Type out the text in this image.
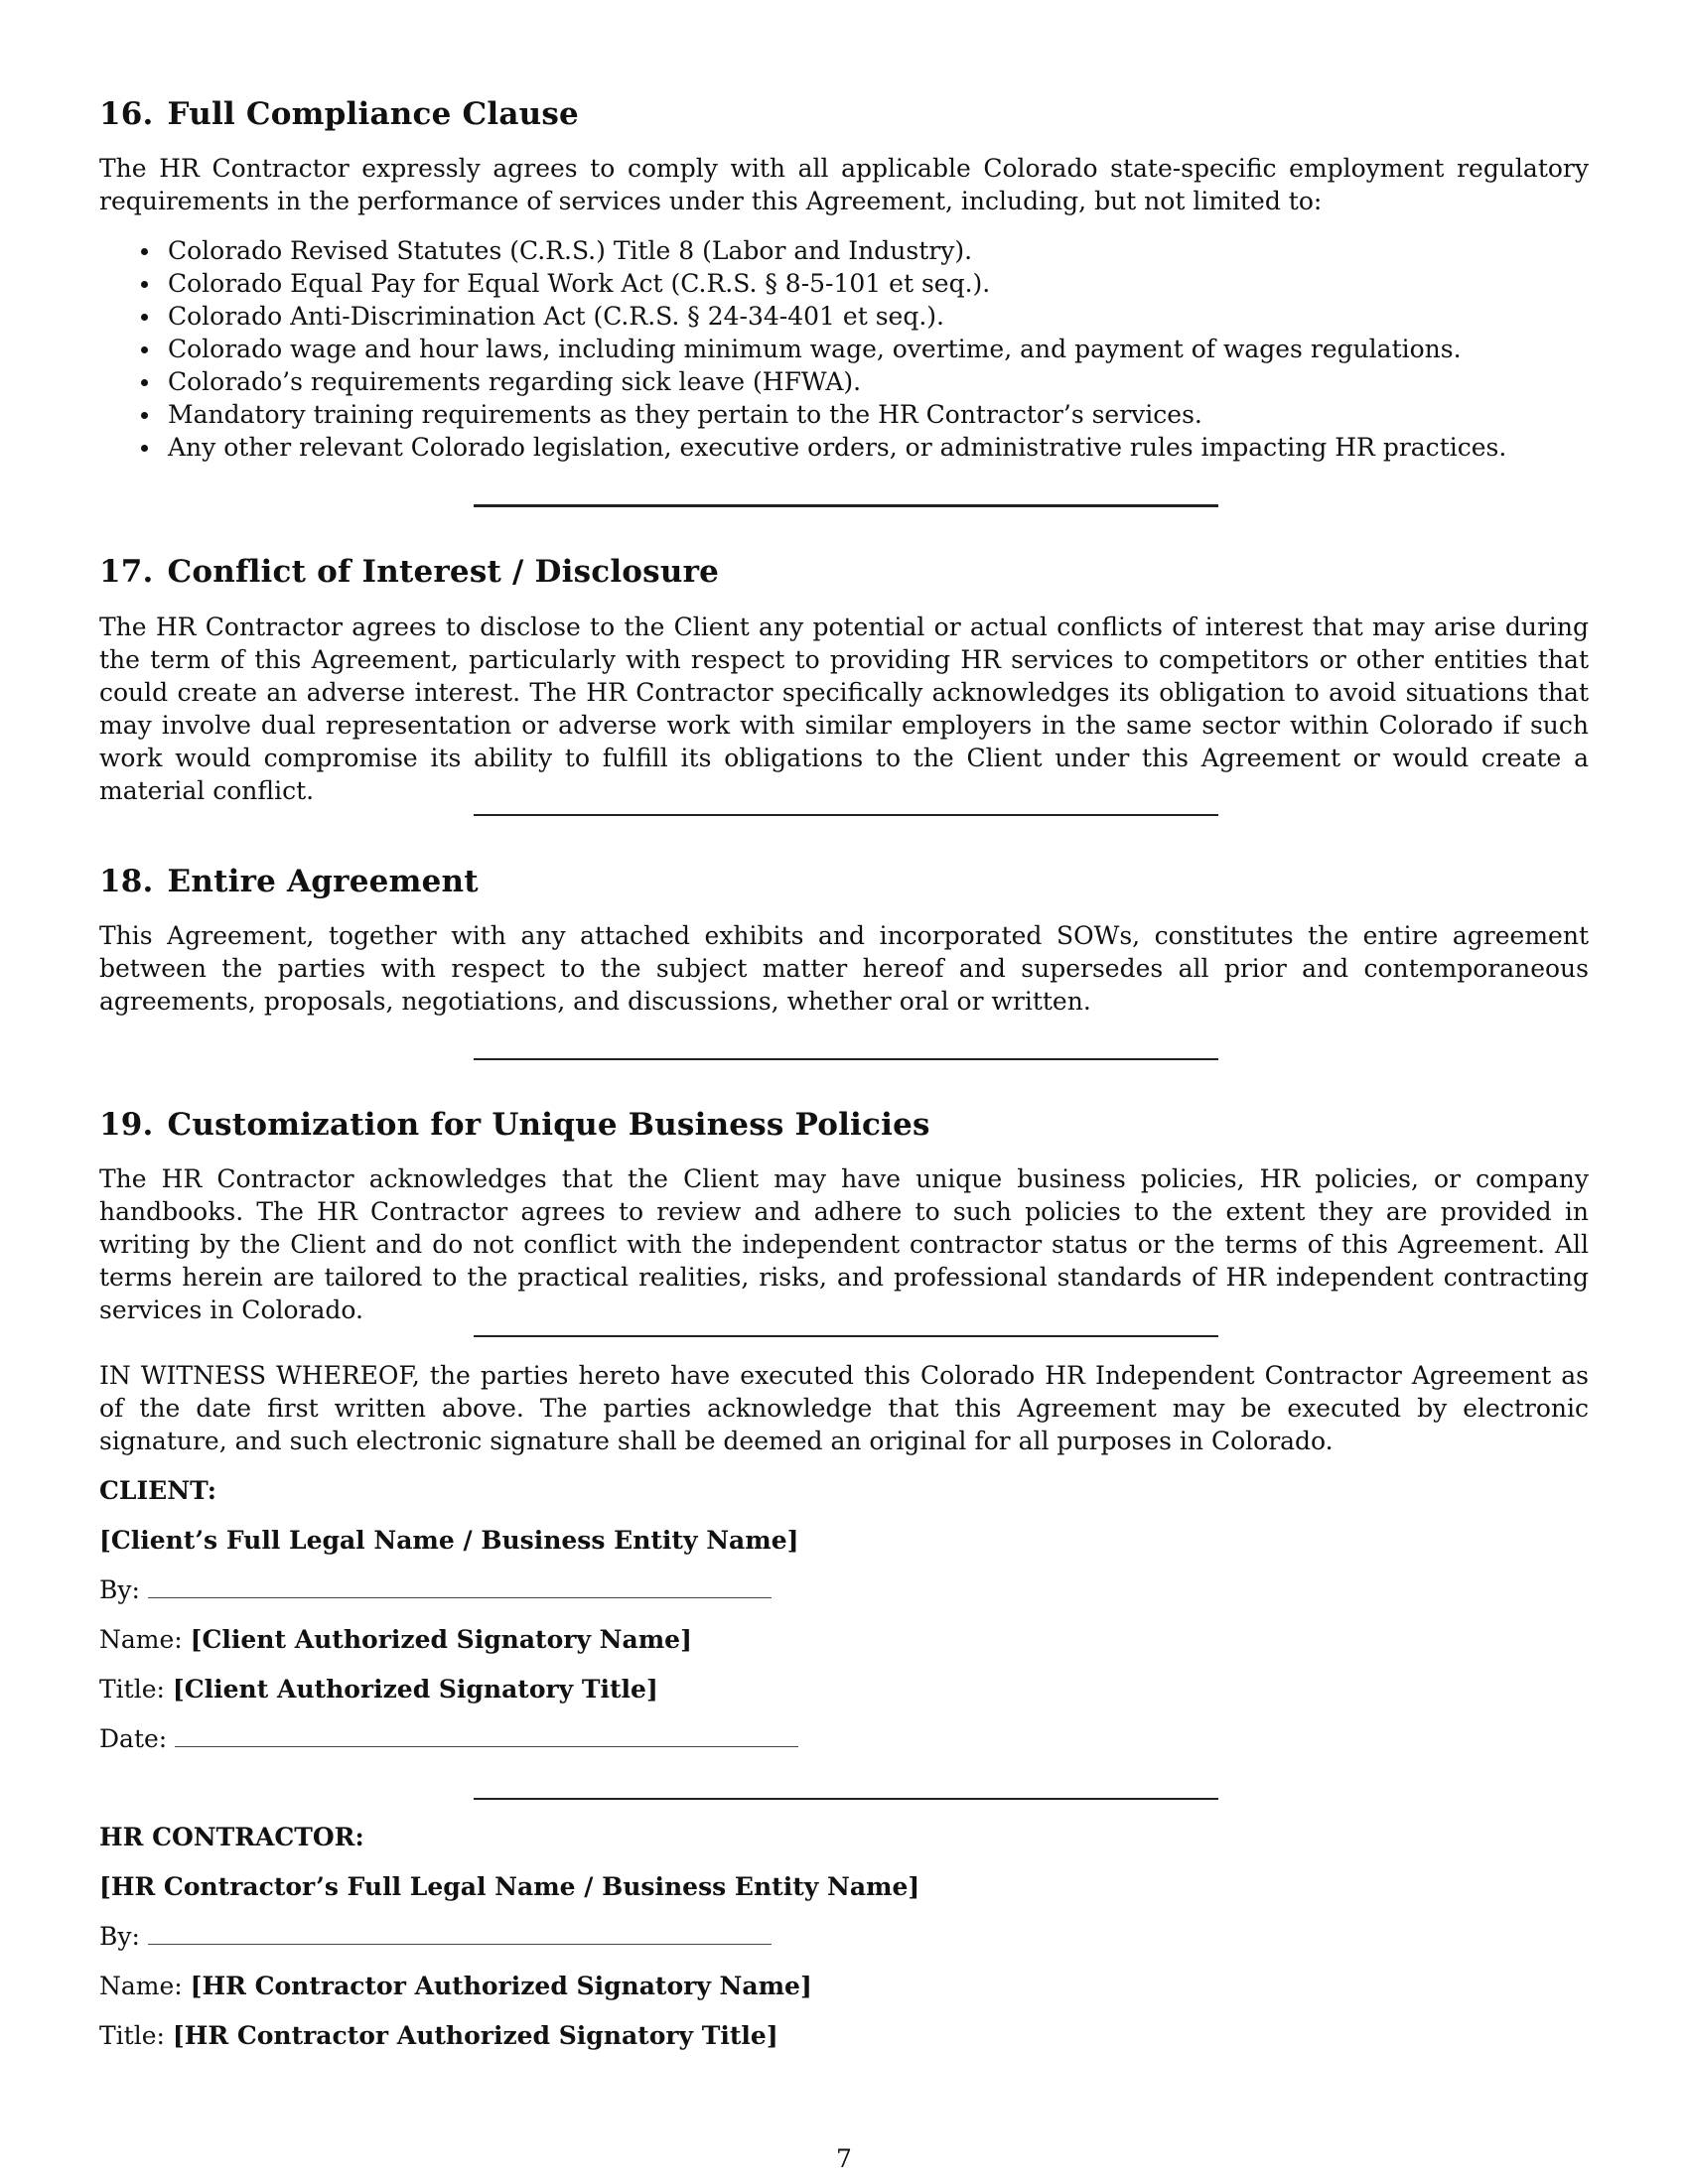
16. Full Compliance Clause

The HR Contractor expressly agrees to comply with all applicable Colorado state-specific employment regulatory requirements in the performance of services under this Agreement, including, but not limited to:

Colorado Revised Statutes (C.R.S.) Title 8 (Labor and Industry).
Colorado Equal Pay for Equal Work Act (C.R.S. § 8-5-101 et seq.).
Colorado Anti-Discrimination Act (C.R.S. § 24-34-401 et seq.).
Colorado wage and hour laws, including minimum wage, overtime, and payment of wages regulations.
Colorado’s requirements regarding sick leave (HFWA).
Mandatory training requirements as they pertain to the HR Contractor’s services.
Any other relevant Colorado legislation, executive orders, or administrative rules impacting HR practices.
17. Conflict of Interest / Disclosure

The HR Contractor agrees to disclose to the Client any potential or actual conflicts of interest that may arise during the term of this Agreement, particularly with respect to providing HR services to competitors or other entities that could create an adverse interest. The HR Contractor specifically acknowledges its obligation to avoid situations that may involve dual representation or adverse work with similar employers in the same sector within Colorado if such work would compromise its ability to fulfill its obligations to the Client under this Agreement or would create a material conflict.

18. Entire Agreement

This Agreement, together with any attached exhibits and incorporated SOWs, constitutes the entire agreement between the parties with respect to the subject matter hereof and supersedes all prior and contemporaneous agreements, proposals, negotiations, and discussions, whether oral or written.

19. Customization for Unique Business Policies

The HR Contractor acknowledges that the Client may have unique business policies, HR policies, or company handbooks. The HR Contractor agrees to review and adhere to such policies to the extent they are provided in writing by the Client and do not conflict with the independent contractor status or the terms of this Agreement. All terms herein are tailored to the practical realities, risks, and professional standards of HR independent contracting services in Colorado.

IN WITNESS WHEREOF, the parties hereto have executed this Colorado HR Independent Contractor Agreement as of the date first written above. The parties acknowledge that this Agreement may be executed by electronic signature, and such electronic signature shall be deemed an original for all purposes in Colorado.

CLIENT:
[Client’s Full Legal Name / Business Entity Name]
By:
Name: [Client Authorized Signatory Name]
Title: [Client Authorized Signatory Title]
Date:
HR CONTRACTOR:
[HR Contractor’s Full Legal Name / Business Entity Name]
By:
Name: [HR Contractor Authorized Signatory Name]
Title: [HR Contractor Authorized Signatory Title]
7
